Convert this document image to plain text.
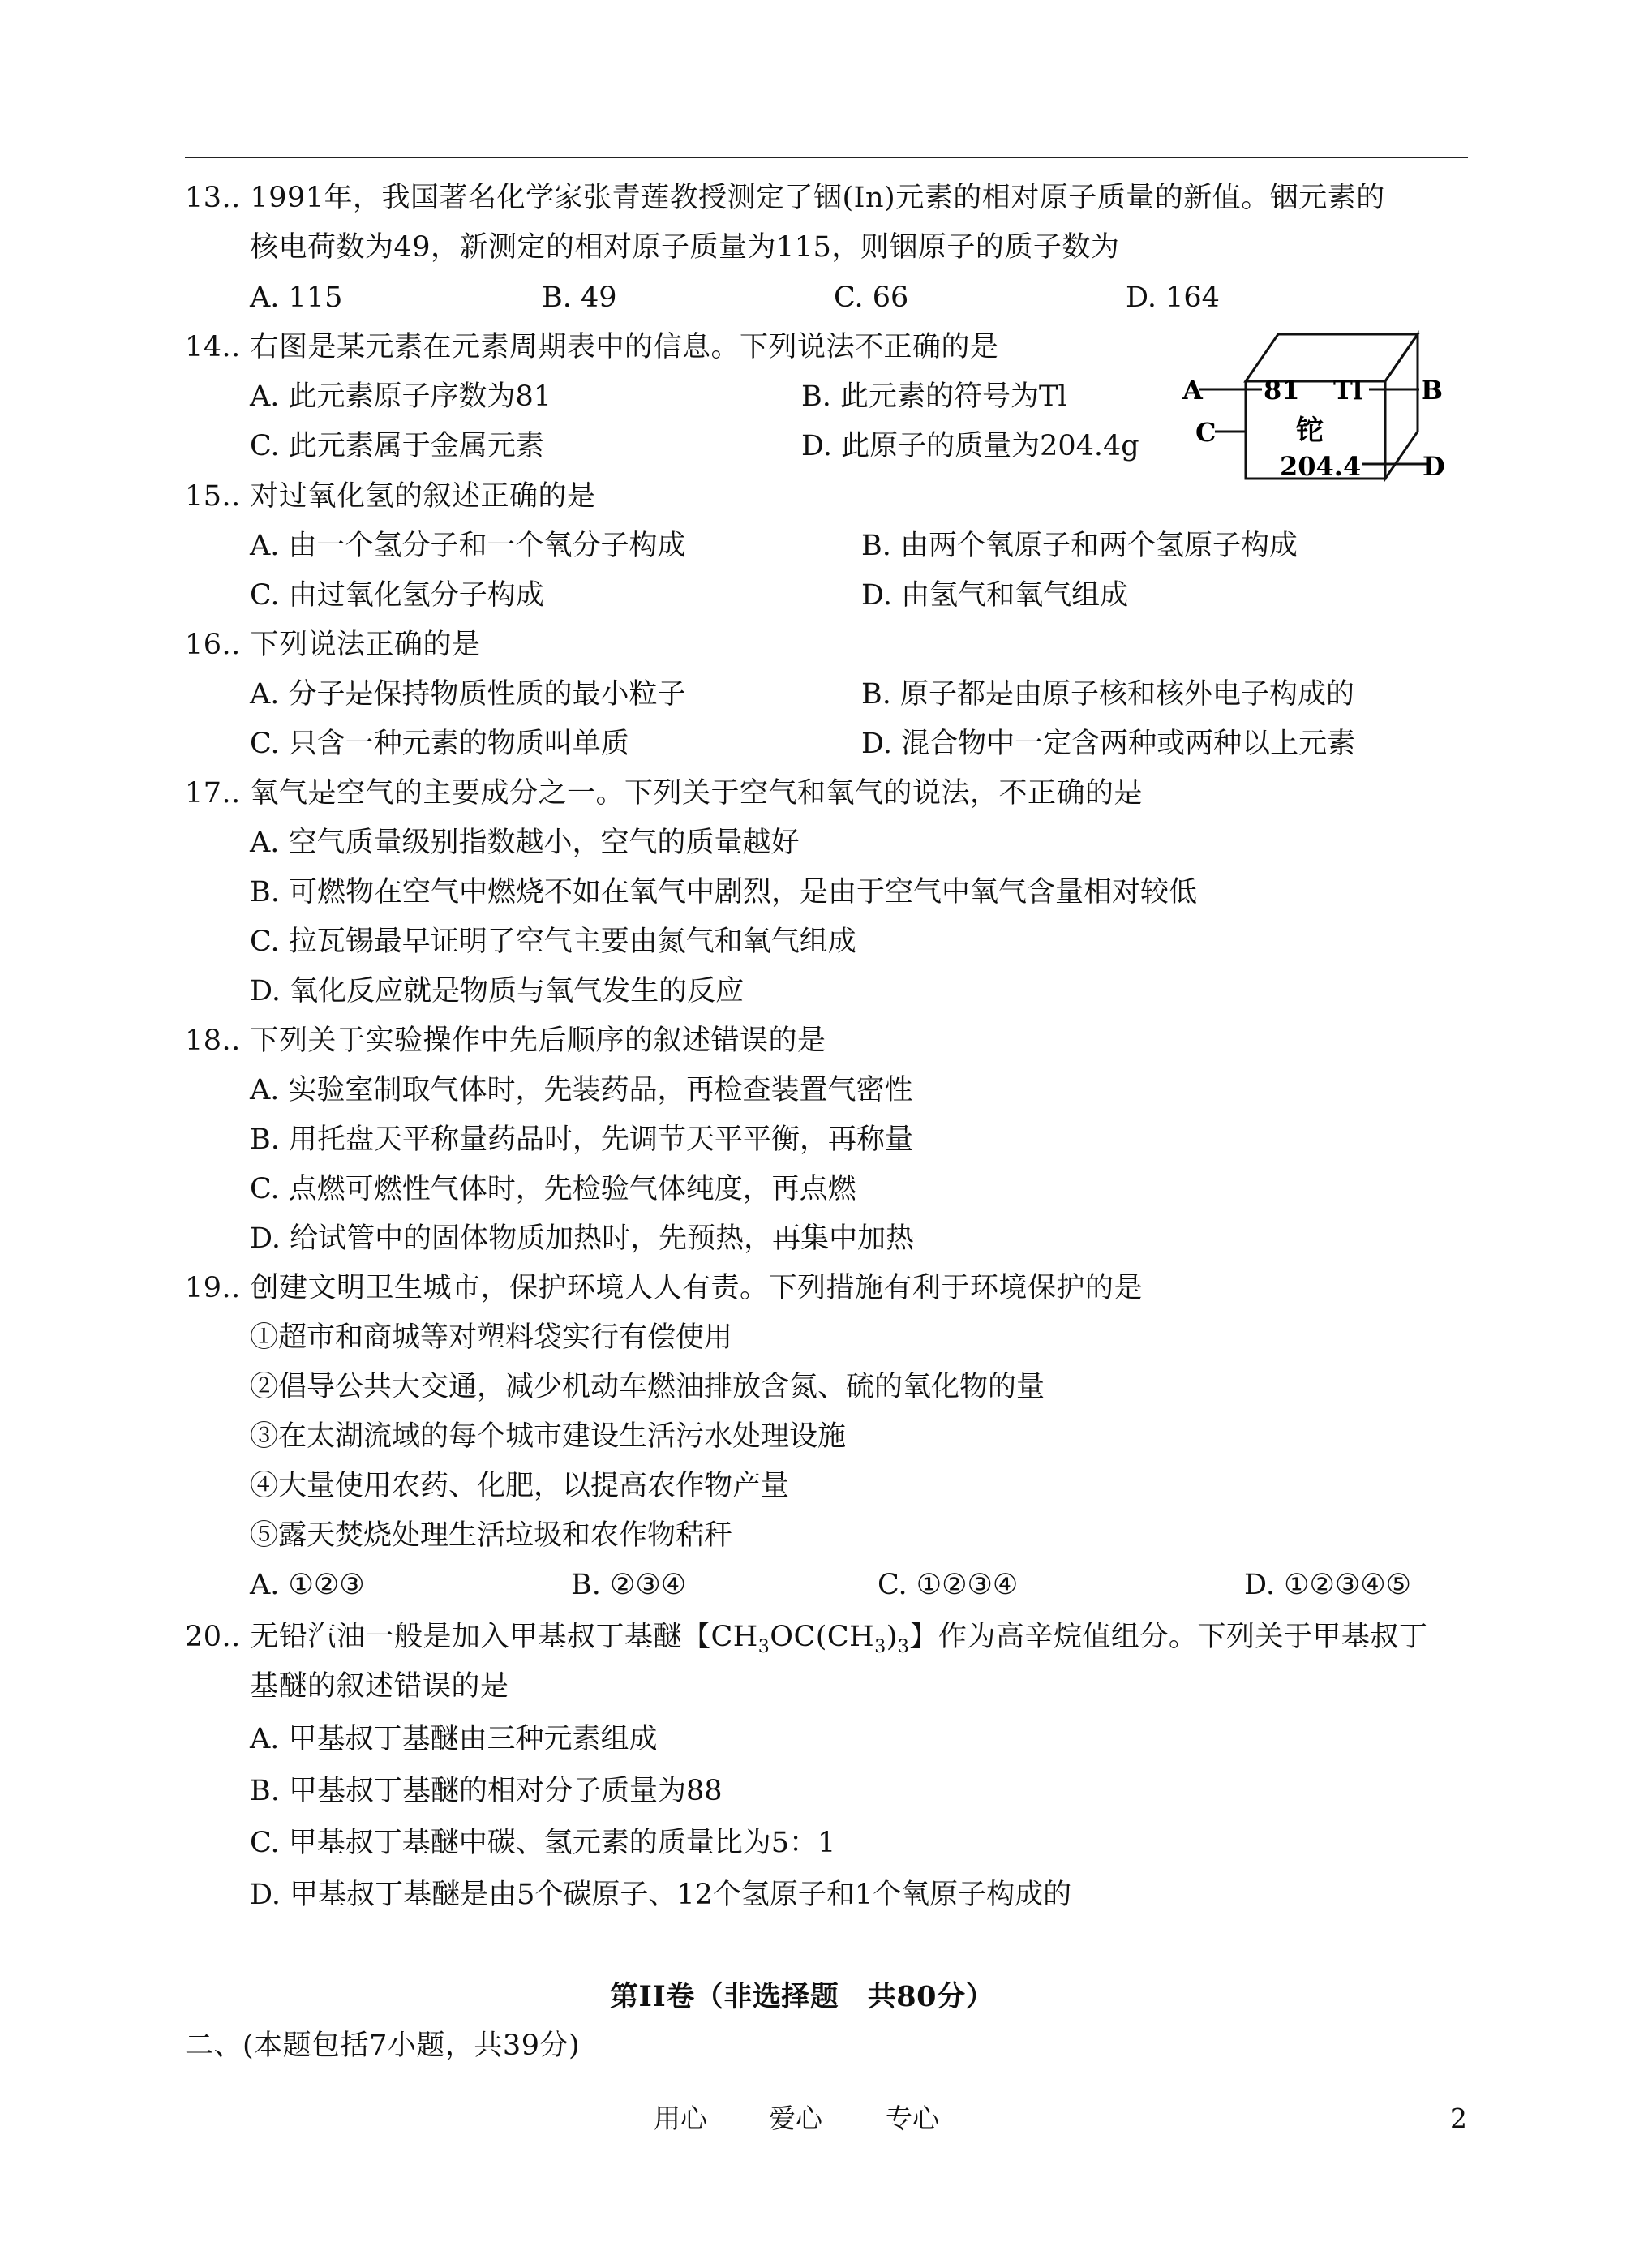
13.. 1991年，我国著名化学家张青莲教授测定了铟(In)元素的相对原子质量的新值。铟元素的
核电荷数为49，新测定的相对原子质量为115，则铟原子的质子数为
A. 115	B. 49	C. 66	D. 164
14.. 右图是某元素在元素周期表中的信息。下列说法不正确的是
A. 此元素原子序数为81	B. 此元素的符号为Tl
C. 此元素属于金属元素	D. 此原子的质量为204.4g
81 Tl
铊
204.4
A	B
C
D
15.. 对过氧化氢的叙述正确的是
A. 由一个氢分子和一个氧分子构成	B. 由两个氧原子和两个氢原子构成
C. 由过氧化氢分子构成	D. 由氢气和氧气组成
16.. 下列说法正确的是
A. 分子是保持物质性质的最小粒子	B. 原子都是由原子核和核外电子构成的
C. 只含一种元素的物质叫单质	D. 混合物中一定含两种或两种以上元素
17.. 氧气是空气的主要成分之一。下列关于空气和氧气的说法，不正确的是
A. 空气质量级别指数越小，空气的质量越好
B. 可燃物在空气中燃烧不如在氧气中剧烈，是由于空气中氧气含量相对较低
C. 拉瓦锡最早证明了空气主要由氮气和氧气组成
D. 氧化反应就是物质与氧气发生的反应
18.. 下列关于实验操作中先后顺序的叙述错误的是
A. 实验室制取气体时，先装药品，再检查装置气密性
B. 用托盘天平称量药品时，先调节天平平衡，再称量
C. 点燃可燃性气体时，先检验气体纯度，再点燃
D. 给试管中的固体物质加热时，先预热，再集中加热
19.. 创建文明卫生城市，保护环境人人有责。下列措施有利于环境保护的是
①超市和商城等对塑料袋实行有偿使用
②倡导公共大交通，减少机动车燃油排放含氮、硫的氧化物的量
③在太湖流域的每个城市建设生活污水处理设施
④大量使用农药、化肥，以提高农作物产量
⑤露天焚烧处理生活垃圾和农作物秸秆
A. ①②③	B. ②③④	C. ①②③④	D. ①②③④⑤
20.. 无铅汽油一般是加入甲基叔丁基醚【$CH_3OC(CH_3)_3$】作为高辛烷值组分。下列关于甲基叔丁
基醚的叙述错误的是
A. 甲基叔丁基醚由三种元素组成
B. 甲基叔丁基醚的相对分子质量为88
C. 甲基叔丁基醚中碳、氢元素的质量比为5：1
D. 甲基叔丁基醚是由5个碳原子、12个氢原子和1个氧原子构成的
第II卷（非选择题　共80分）
二、(本题包括7小题，共39分)
用心 爱心 专心	2
